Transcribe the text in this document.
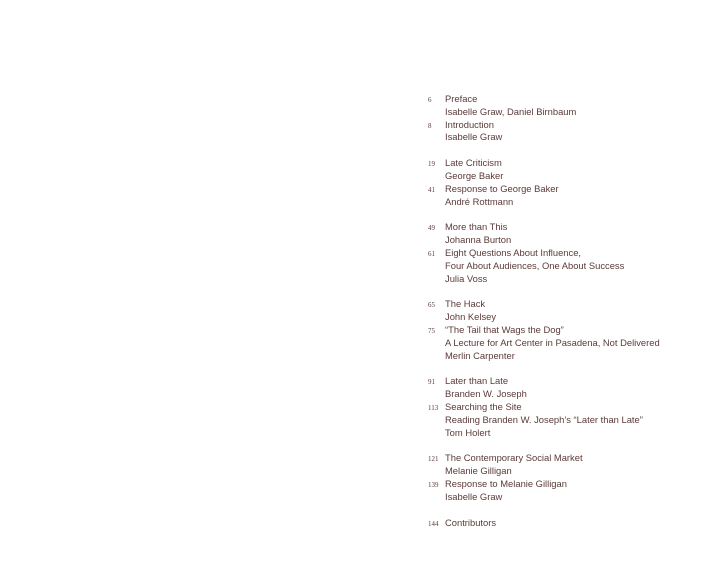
6	Preface
Isabelle Graw, Daniel Birnbaum
8	Introduction
Isabelle Graw
19	Late Criticism
George Baker
41	Response to George Baker
André Rottmann
49	More than This
Johanna Burton
61	Eight Questions About Influence,
Four About Audiences, One About Success
Julia Voss
65	The Hack
John Kelsey
75	“The Tail that Wags the Dog”
A Lecture for Art Center in Pasadena, Not Delivered
Merlin Carpenter
91	Later than Late
Branden W. Joseph
113 Searching the Site
Reading Branden W. Joseph’s “Later than Late”
Tom Holert
121 The Contemporary Social Market
Melanie Gilligan
139 Response to Melanie Gilligan
Isabelle Graw
144 Contributors
